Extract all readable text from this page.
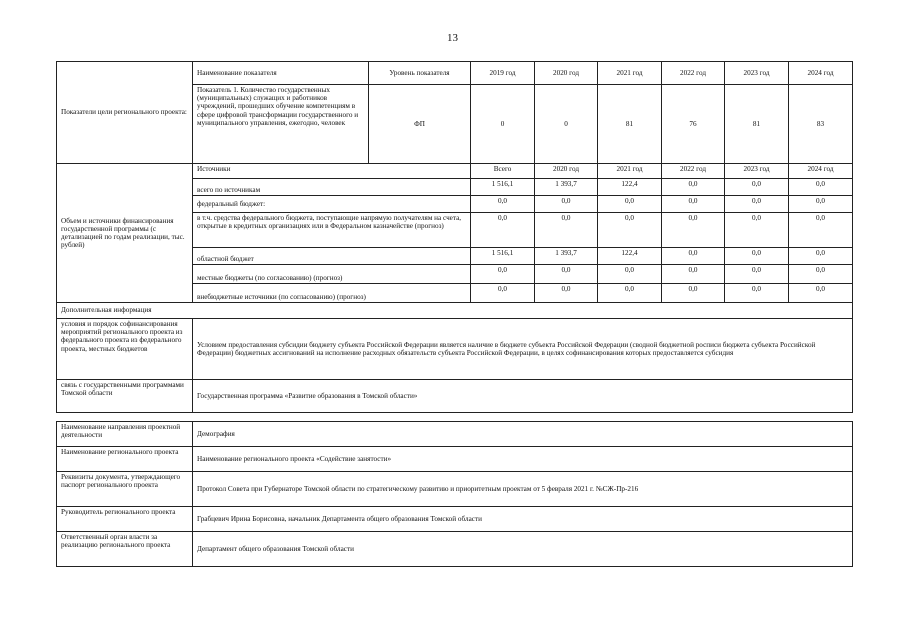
13
Показатели цели регионального проекта:	Наименование показателя	Уровень показателя	2019 год	2020 год	2021 год	2022 год	2023 год	2024 год
	Показатель 1. Количество государственных (муниципальных) служащих и работников учреждений, прошедших обучение компетенциям в сфере цифровой трансформации государственного и муниципального управления, ежегодно, человек	ФП	0	0	81	76	81	83
Объем и источники финансирования государственной программы (с детализацией по годам реализации, тыс. рублей)	Источники		Всего	2020 год	2021 год	2022 год	2023 год	2024 год
	всего по источникам		1 516,1	1 393,7	122,4	0,0	0,0	0,0
	федеральный бюджет:		0,0	0,0	0,0	0,0	0,0	0,0
	в т.ч. средства федерального бюджета, поступающие напрямую получателям на счета, открытые в кредитных организациях или в Федеральном казначействе (прогноз)		0,0	0,0	0,0	0,0	0,0	0,0
	областной бюджет		1 516,1	1 393,7	122,4	0,0	0,0	0,0
	местные бюджеты (по согласованию) (прогноз)		0,0	0,0	0,0	0,0	0,0	0,0
	внебюджетные источники (по согласованию) (прогноз)		0,0	0,0	0,0	0,0	0,0	0,0
Дополнительная информация								
условия и порядок софинансирования мероприятий регионального проекта из федерального проекта из федерального проекта, местных бюджетов	Условием предоставления субсидии бюджету субъекта Российской Федерации является наличие в бюджете субъекта Российской Федерации (сводной бюджетной росписи бюджета субъекта Российской Федерации) бюджетных ассигнований на исполнение расходных обязательств субъекта Российской Федерации, в целях софинансирования которых предоставляется субсидия							
связь с государственными программами Томской области	Государственная программа «Развитие образования в Томской области»							
Наименование направления проектной деятельности	Демография
Наименование регионального проекта	Наименование регионального проекта «Содействие занятости»
Реквизиты документа, утверждающего паспорт регионального проекта	Протокол Совета при Губернаторе Томской области по стратегическому развитию и приоритетным проектам от 5 февраля 2021 г. №СЖ-Пр-216
Руководитель регионального проекта	Грабцевич Ирина Борисовна, начальник Департамента общего образования Томской области
Ответственный орган власти за реализацию регионального проекта	Департамент общего образования Томской области
